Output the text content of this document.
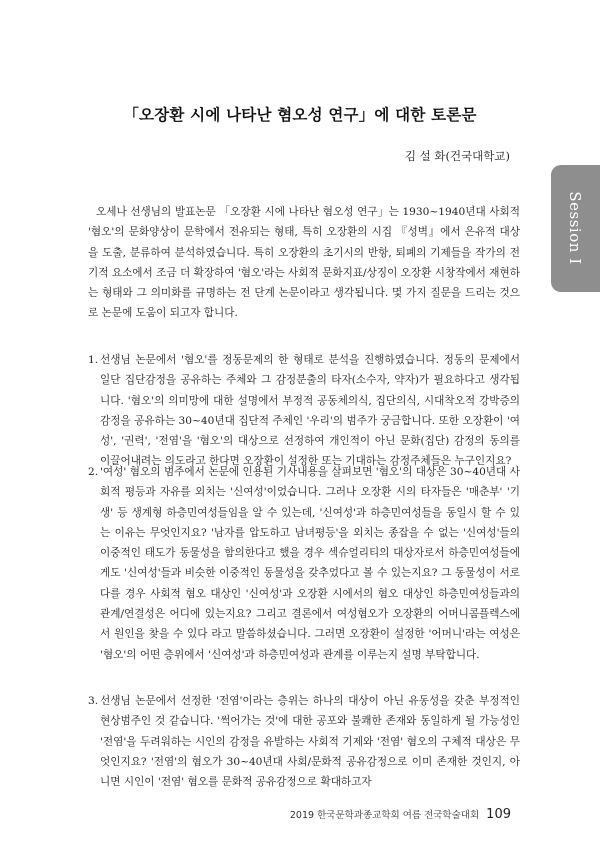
「오장환 시에 나타난 혐오성 연구」에 대한 토론문
김 설 화(건국대학교)
Session I

오세나 선생님의 발표논문 「오장환 시에 나타난 혐오성 연구」는 1930~1940년대 사회적 '혐오'의 문화양상이 문학에서 전유되는 형태, 특히 오장환의 시집 『성벽』에서 은유적 대상을 도출, 분류하여 분석하였습니다. 특히 오장환의 초기시의 반항, 퇴폐의 기제들을 작가의 전기적 요소에서 조금 더 확장하여 '혐오'라는 사회적 문화지표/상징이 오장환 시창작에서 재현하는 형태와 그 의미화를 규명하는 전 단계 논문이라고 생각됩니다. 몇 가지 질문을 드리는 것으로 논문에 도움이 되고자 합니다.

1. 선생님 논문에서 '혐오'를 정동문제의 한 형태로 분석을 진행하였습니다. 정동의 문제에서 일단 집단감정을 공유하는 주체와 그 감정분출의 타자(소수자, 약자)가 필요하다고 생각됩니다. '혐오'의 의미망에 대한 설명에서 부정적 공동체의식, 집단의식, 시대착오적 강박증의 감정을 공유하는 30~40년대 집단적 주체인 '우리'의 범주가 궁금합니다. 또한 오장환이 '여성', '권력', '전염'을 '혐오'의 대상으로 선정하여 개인적이 아닌 문화(집단) 감정의 동의를 이끌어내려는 의도라고 한다면 오장환이 설정한 또는 기대하는 감정주체들은 누구인지요?

2. '여성' 혐오의 범주에서 논문에 인용된 기사내용을 살펴보면 '혐오'의 대상은 30~40년대 사회적 평등과 자유를 외치는 '신여성'이었습니다. 그러나 오장환 시의 타자들은 '매춘부' '기생' 등 생계형 하층민여성들임을 알 수 있는데, '신여성'과 하층민여성들을 동일시 할 수 있는 이유는 무엇인지요? '남자를 압도하고 남녀평등'을 외치는 종잡을 수 없는 '신여성'들의 이중적인 태도가 동물성을 함의한다고 했을 경우 섹슈얼리티의 대상자로서 하층민여성들에게도 '신여성'들과 비슷한 이중적인 동물성을 갖추었다고 볼 수 있는지요? 그 동물성이 서로 다를 경우 사회적 혐오 대상인 '신여성'과 오장환 시에서의 혐오 대상인 하층민여성들과의 관계/연결성은 어디에 있는지요? 그리고 결론에서 여성혐오가 오장환의 어머니콤플렉스에서 원인을 찾을 수 있다 라고 말씀하셨습니다. 그러면 오장환이 설정한 '어머니'라는 여성은 '혐오'의 어떤 층위에서 '신여성'과 하층민여성과 관계를 이루는지 설명 부탁합니다.

3. 선생님 논문에서 선정한 '전염'이라는 층위는 하나의 대상이 아닌 유동성을 갖춘 부정적인 현상범주인 것 같습니다. '썩어가는 것'에 대한 공포와 불쾌한 존재와 동일하게 될 가능성인 '전염'을 두려워하는 시인의 감정을 유발하는 사회적 기제와 '전염' 혐오의 구체적 대상은 무엇인지요? '전염'의 혐오가 30~40년대 사회/문화적 공유감정으로 이미 존재한 것인지, 아니면 시인이 '전염' 혐오를 문화적 공유감정으로 확대하고자

2019 한국문학과종교학회 여름 전국학술대회 109
